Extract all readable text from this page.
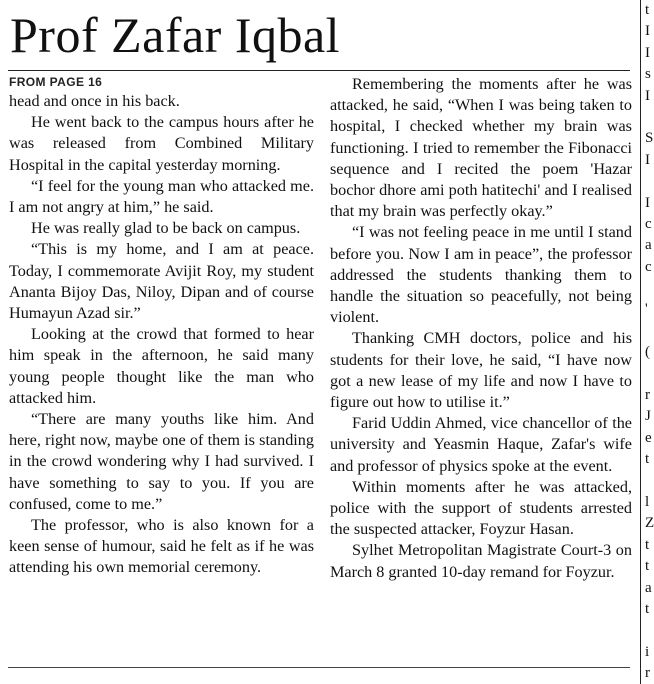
Prof Zafar Iqbal
FROM PAGE 16

head and once in his back.

He went back to the campus hours after he was released from Combined Military Hospital in the capital yesterday morning.

“I feel for the young man who attacked me. I am not angry at him,” he said.

He was really glad to be back on campus.

“This is my home, and I am at peace. Today, I commemorate Avijit Roy, my student Ananta Bijoy Das, Niloy, Dipan and of course Humayun Azad sir.”

Looking at the crowd that formed to hear him speak in the afternoon, he said many young people thought like the man who attacked him.

“There are many youths like him. And here, right now, maybe one of them is standing in the crowd wondering why I had survived. I have something to say to you. If you are confused, come to me.”

The professor, who is also known for a keen sense of humour, said he felt as if he was attending his own memorial ceremony.

Remembering the moments after he was attacked, he said, “When I was being taken to hospital, I checked whether my brain was functioning. I tried to remember the Fibonacci sequence and I recited the poem 'Hazar bochor dhore ami poth hatitechi' and I realised that my brain was perfectly okay.”

“I was not feeling peace in me until I stand before you. Now I am in peace”, the professor addressed the students thanking them to handle the situation so peacefully, not being violent.

Thanking CMH doctors, police and his students for their love, he said, “I have now got a new lease of my life and now I have to figure out how to utilise it.”

Farid Uddin Ahmed, vice chancellor of the university and Yeasmin Haque, Zafar's wife and professor of physics spoke at the event.

Within moments after he was attacked, police with the support of students arrested the suspected attacker, Foyzur Hasan.

Sylhet Metropolitan Magistrate Court-3 on March 8 granted 10-day remand for Foyzur.

t
I
I
s
I
S
I
I
c
a
c
'
(
r
J
e
t
l
Z
t
t
a
t
i
r
